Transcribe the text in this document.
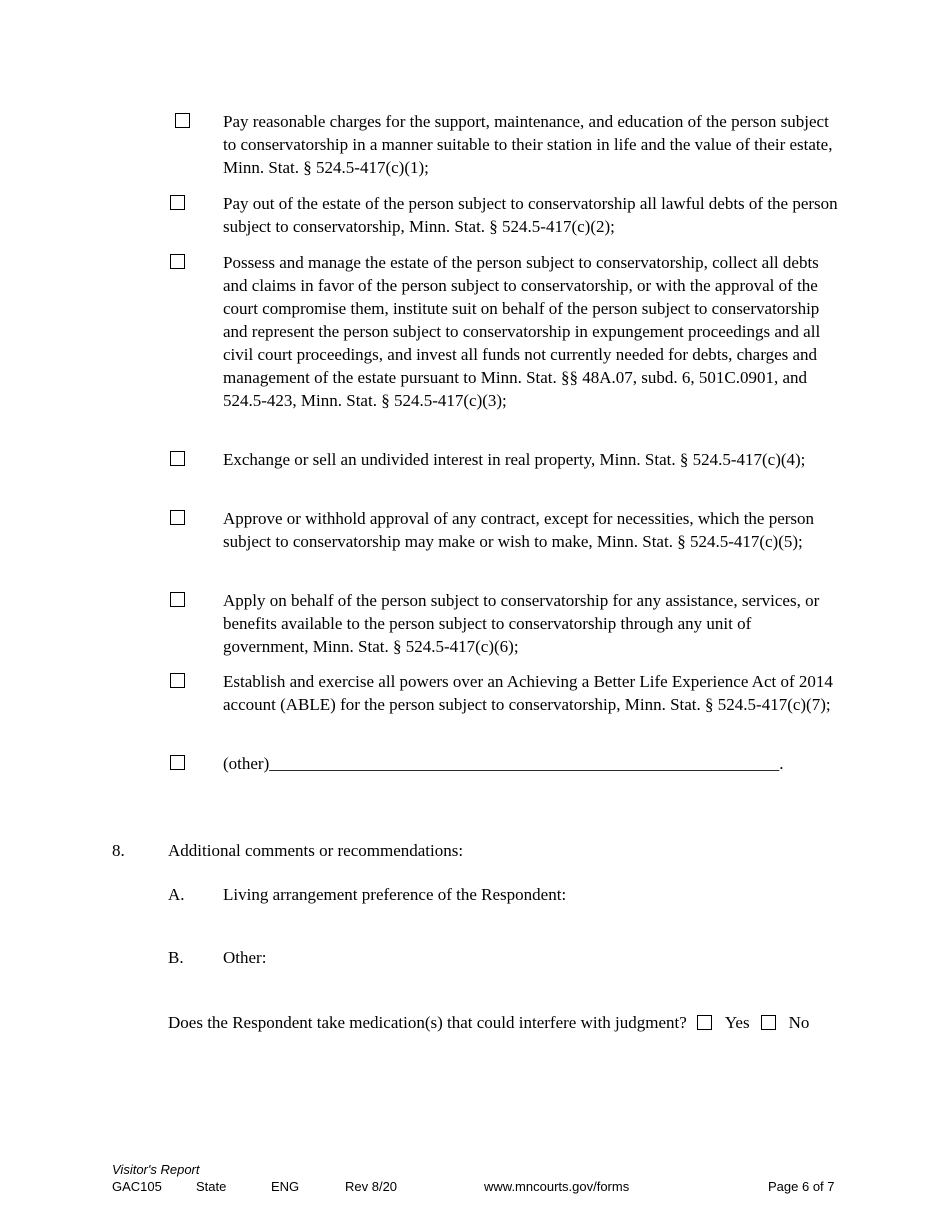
Pay reasonable charges for the support, maintenance, and education of the person subject to conservatorship in a manner suitable to their station in life and the value of their estate, Minn. Stat. § 524.5-417(c)(1);
Pay out of the estate of the person subject to conservatorship all lawful debts of the person subject to conservatorship, Minn. Stat. § 524.5-417(c)(2);
Possess and manage the estate of the person subject to conservatorship, collect all debts and claims in favor of the person subject to conservatorship, or with the approval of the court compromise them, institute suit on behalf of the person subject to conservatorship and represent the person subject to conservatorship in expungement proceedings and all civil court proceedings, and invest all funds not currently needed for debts, charges and management of the estate pursuant to Minn. Stat. §§ 48A.07, subd. 6, 501C.0901, and 524.5-423, Minn. Stat. § 524.5-417(c)(3);
Exchange or sell an undivided interest in real property, Minn. Stat. § 524.5-417(c)(4);
Approve or withhold approval of any contract, except for necessities, which the person subject to conservatorship may make or wish to make, Minn. Stat. § 524.5-417(c)(5);
Apply on behalf of the person subject to conservatorship for any assistance, services, or benefits available to the person subject to conservatorship through any unit of government, Minn. Stat. § 524.5-417(c)(6);
Establish and exercise all powers over an Achieving a Better Life Experience Act of 2014 account (ABLE) for the person subject to conservatorship, Minn. Stat. § 524.5-417(c)(7);
(other)____________________________________________________________.
8.	Additional comments or recommendations:
A. Living arrangement preference of the Respondent:
B. Other:
Does the Respondent take medication(s) that could interfere with judgment? Yes No
Visitor's Report
GAC105	State	ENG	Rev 8/20	www.mncourts.gov/forms	Page 6 of 7
